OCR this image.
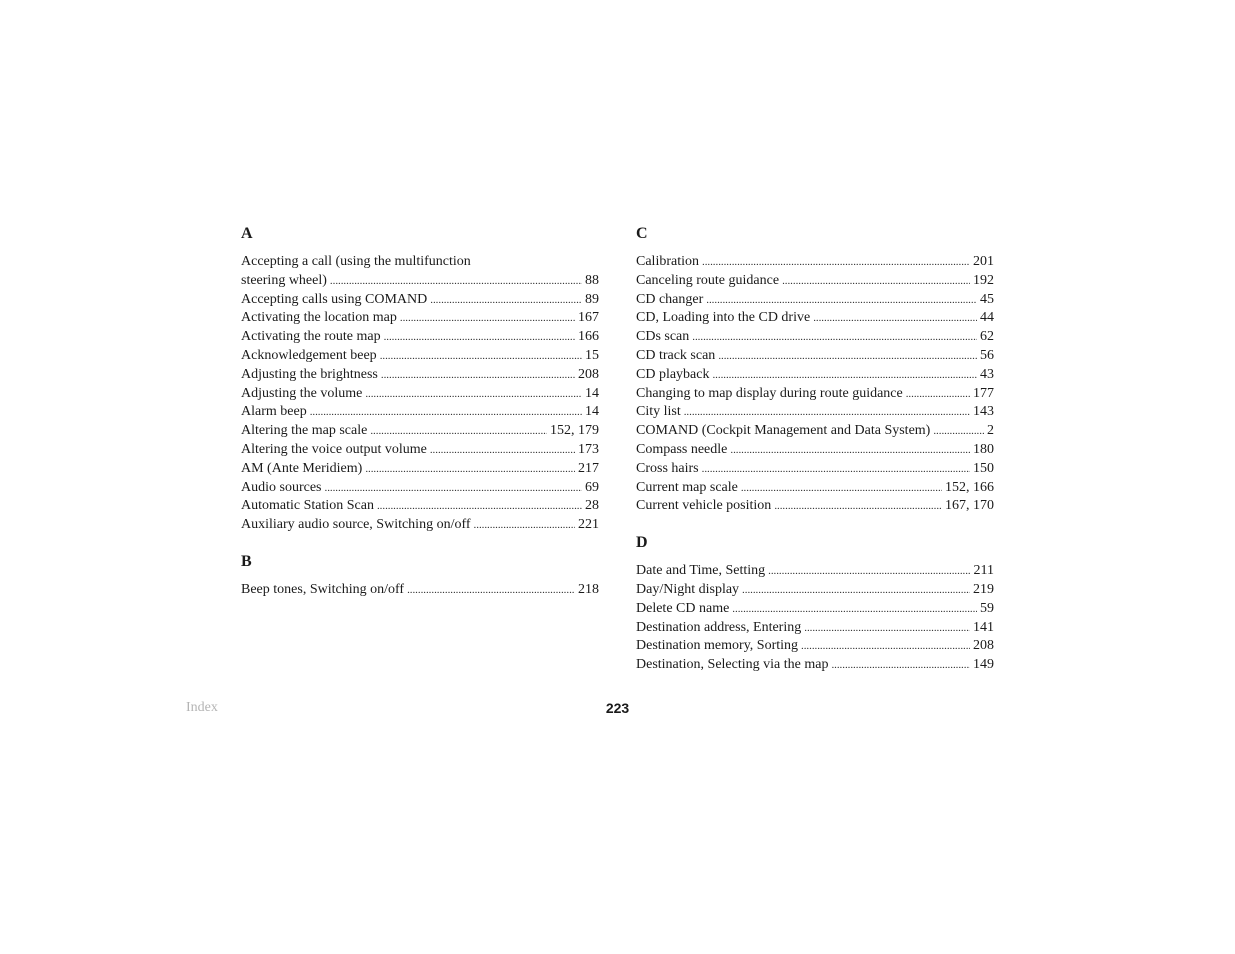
A
Accepting a call (using the multifunction
steering wheel) . . .	88
Accepting calls using COMAND . . .	89
Activating the location map . . .	167
Activating the route map . . .	166
Acknowledgement beep . . .	15
Adjusting the brightness . . .	208
Adjusting the volume . . .	14
Alarm beep . . .	14
Altering the map scale . . .	152, 179
Altering the voice output volume . . .	173
AM (Ante Meridiem) . . .	217
Audio sources . . .	69
Automatic Station Scan . . .	28
Auxiliary audio source, Switching on/off . . .	221
B
Beep tones, Switching on/off . . .	218
C
Calibration . . .	201
Canceling route guidance . . .	192
CD changer . . .	45
CD, Loading into the CD drive . . .	44
CDs scan . . .	62
CD track scan . . .	56
CD playback . . .	43
Changing to map display during route guidance . . .	177
City list . . .	143
COMAND (Cockpit Management and Data System) . . .	2
Compass needle . . .	180
Cross hairs . . .	150
Current map scale . . .	152, 166
Current vehicle position . . .	167, 170
D
Date and Time, Setting . . .	211
Day/Night display . . .	219
Delete CD name . . .	59
Destination address, Entering . . .	141
Destination memory, Sorting . . .	208
Destination, Selecting via the map . . .	149
Index	223
